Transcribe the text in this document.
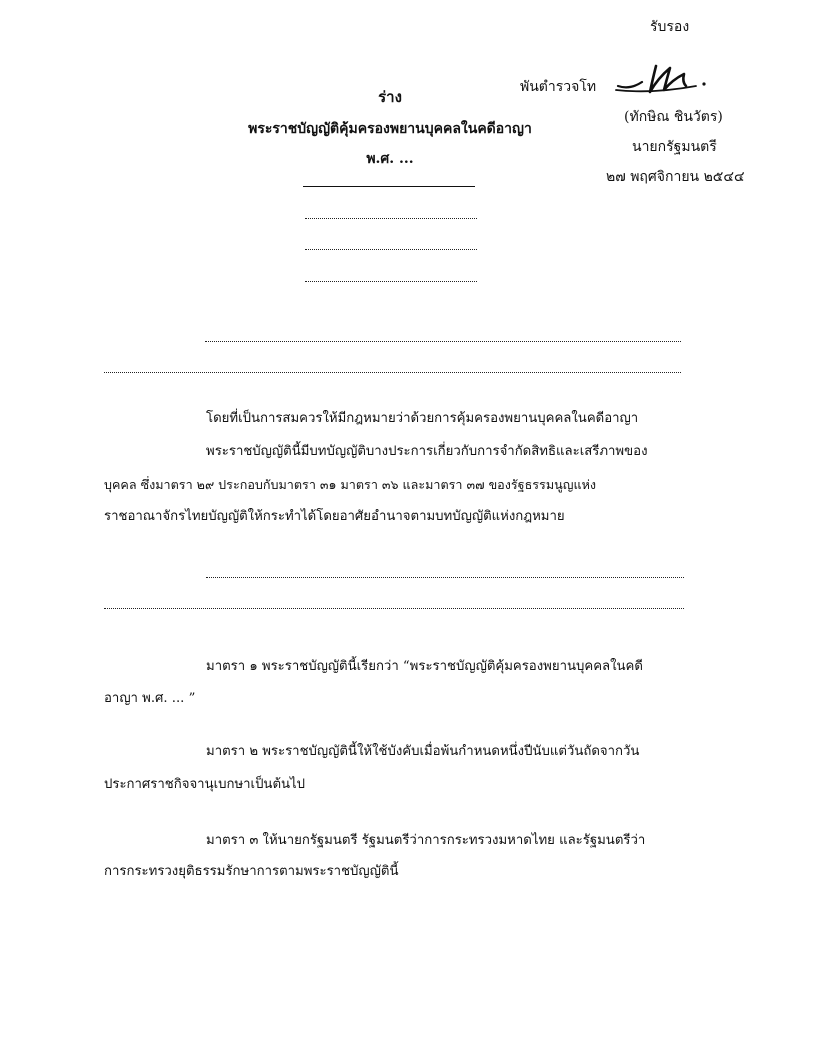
รับรอง
พันตำรวจโท
(ทักษิณ ชินวัตร)
นายกรัฐมนตรี
๒๗ พฤศจิกายน ๒๕๔๔
ร่าง
พระราชบัญญัติคุ้มครองพยานบุคคลในคดีอาญา
พ.ศ. ...
โดยที่เป็นการสมควรให้มีกฎหมายว่าด้วยการคุ้มครองพยานบุคคลในคดีอาญา
พระราชบัญญัตินี้มีบทบัญญัติบางประการเกี่ยวกับการจำกัดสิทธิและเสรีภาพของ
บุคคล ซึ่งมาตรา ๒๙ ประกอบกับมาตรา ๓๑ มาตรา ๓๖ และมาตรา ๓๗ ของรัฐธรรมนูญแห่ง
ราชอาณาจักรไทยบัญญัติให้กระทำได้โดยอาศัยอำนาจตามบทบัญญัติแห่งกฎหมาย
มาตรา ๑ พระราชบัญญัตินี้เรียกว่า “พระราชบัญญัติคุ้มครองพยานบุคคลในคดี
อาญา พ.ศ. ... ”
มาตรา ๒ พระราชบัญญัตินี้ให้ใช้บังคับเมื่อพ้นกำหนดหนึ่งปีนับแต่วันถัดจากวัน
ประกาศราชกิจจานุเบกษาเป็นต้นไป
มาตรา ๓ ให้นายกรัฐมนตรี รัฐมนตรีว่าการกระทรวงมหาดไทย และรัฐมนตรีว่า
การกระทรวงยุติธรรมรักษาการตามพระราชบัญญัตินี้
